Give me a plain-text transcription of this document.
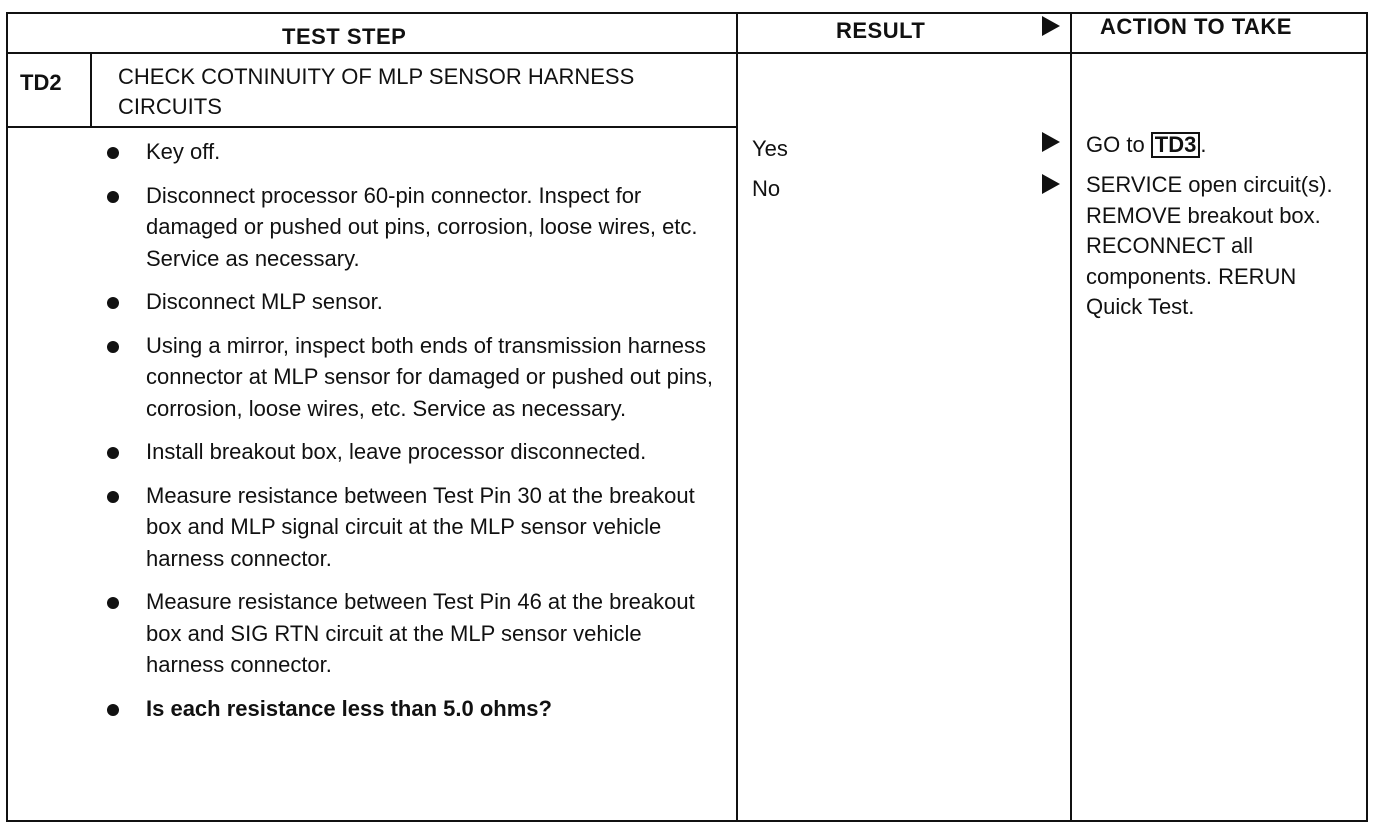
TEST STEP	RESULT	ACTION TO TAKE
TD2	CHECK COTNINUITY OF MLP SENSOR HARNESS CIRCUITS
Key off.
Disconnect processor 60-pin connector. Inspect for damaged or pushed out pins, corrosion, loose wires, etc. Service as necessary.
Disconnect MLP sensor.
Using a mirror, inspect both ends of transmission harness connector at MLP sensor for damaged or pushed out pins, corrosion, loose wires, etc. Service as necessary.
Install breakout box, leave processor disconnected.
Measure resistance between Test Pin 30 at the breakout box and MLP signal circuit at the MLP sensor vehicle harness connector.
Measure resistance between Test Pin 46 at the breakout box and SIG RTN circuit at the MLP sensor vehicle harness connector.
Is each resistance less than 5.0 ohms?
Yes	GO to TD3 .
No	SERVICE open circuit(s). REMOVE breakout box. RECONNECT all components. RERUN Quick Test.
